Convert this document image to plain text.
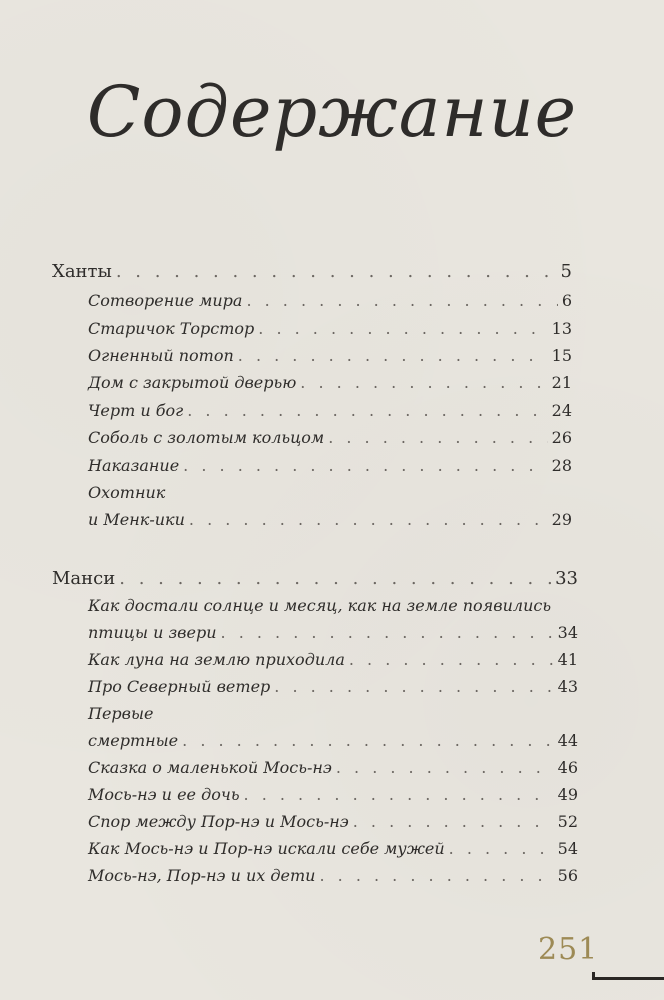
Содержание
Ханты . . .	5
Сотворение мира . . .	6
Старичок Торстор . . .	13
Огненный потоп . . .	15
Дом с закрытой дверью . . .	21
Черт и бог . . .	24
Соболь с золотым кольцом . . .	26
Наказание . . .	28
Охотник
и Менк-ики . . .	29
Манси . . .	33
Как достали солнце и месяц, как на земле появились
птицы и звери . . .	34
Как луна на землю приходила . . .	41
Про Северный ветер . . .	43
Первые
смертные . . .	44
Сказка о маленькой Мось-нэ . . .	46
Мось-нэ и ее дочь . . .	49
Спор между Пор-нэ и Мось-нэ . . .	52
Как Мось-нэ и Пор-нэ искали себе мужей . . .	54
Мось-нэ, Пор-нэ и их дети . . .	56
251
